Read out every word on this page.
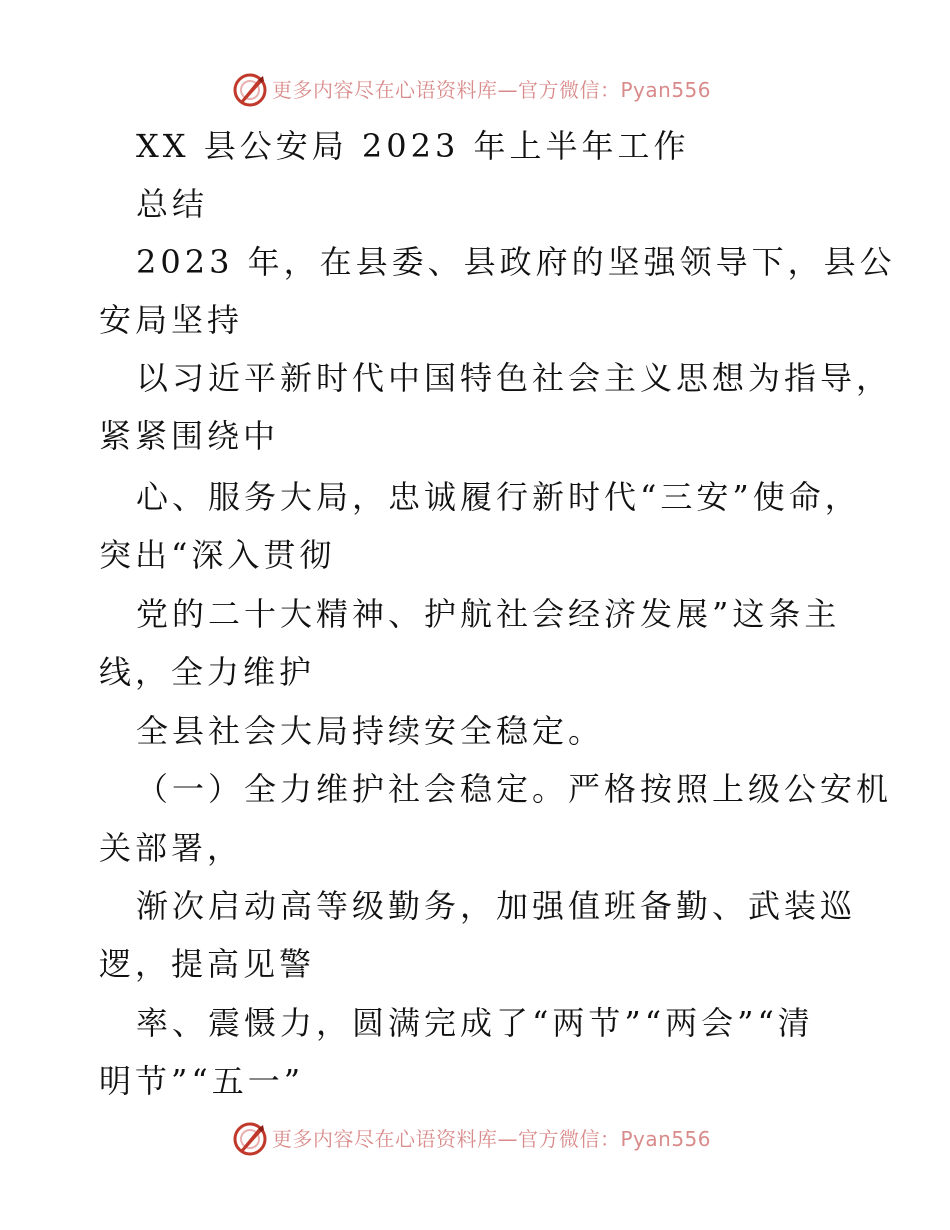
更多内容尽在心语资料库—官方微信：Pyan556
XX 县公安局 2023 年上半年工作
总结
2023 年，在县委、县政府的坚强领导下，县公
安局坚持
以习近平新时代中国特色社会主义思想为指导，
紧紧围绕中
心、服务大局，忠诚履行新时代“三安”使命，
突出“深入贯彻
党的二十大精神、护航社会经济发展”这条主
线，全力维护
全县社会大局持续安全稳定。
（一）全力维护社会稳定。严格按照上级公安机
关部署，
渐次启动高等级勤务，加强值班备勤、武装巡
逻，提高见警
率、震慑力，圆满完成了“两节”“两会”“清
明节”“五一”
更多内容尽在心语资料库—官方微信：Pyan556
